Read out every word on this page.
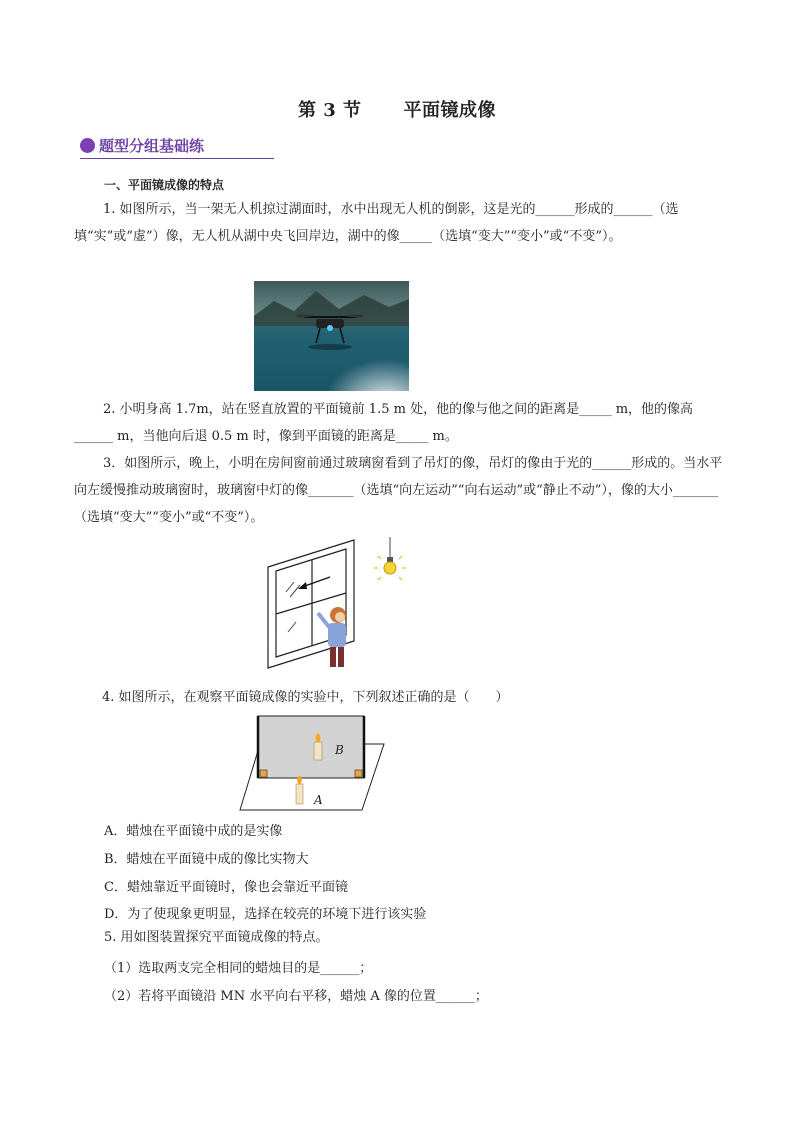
第 3 节 平面镜成像
题型分组基础练
一、平面镜成像的特点
1. 如图所示，当一架无人机掠过湖面时，水中出现无人机的倒影，这是光的______形成的______（选填“实”或“虚”）像，无人机从湖中央飞回岸边，湖中的像_____（选填“变大”“变小”或“不变”）。
2. 小明身高 1.7m，站在竖直放置的平面镜前 1.5 m 处，他的像与他之间的距离是_____ m，他的像高______ m，当他向后退 0.5 m 时，像到平面镜的距离是_____ m。
3．如图所示，晚上，小明在房间窗前通过玻璃窗看到了吊灯的像，吊灯的像由于光的______形成的。当水平向左缓慢推动玻璃窗时，玻璃窗中灯的像_______（选填“向左运动”“向右运动”或“静止不动”），像的大小_______（选填“变大”“变小”或“不变”）。
4. 如图所示，在观察平面镜成像的实验中，下列叙述正确的是（　　）
B
A
A．蜡烛在平面镜中成的是实像
B．蜡烛在平面镜中成的像比实物大
C．蜡烛靠近平面镜时，像也会靠近平面镜
D．为了使现象更明显，选择在较亮的环境下进行该实验
5. 用如图装置探究平面镜成像的特点。
（1）选取两支完全相同的蜡烛目的是______；
（2）若将平面镜沿 MN 水平向右平移，蜡烛 A 像的位置______；
